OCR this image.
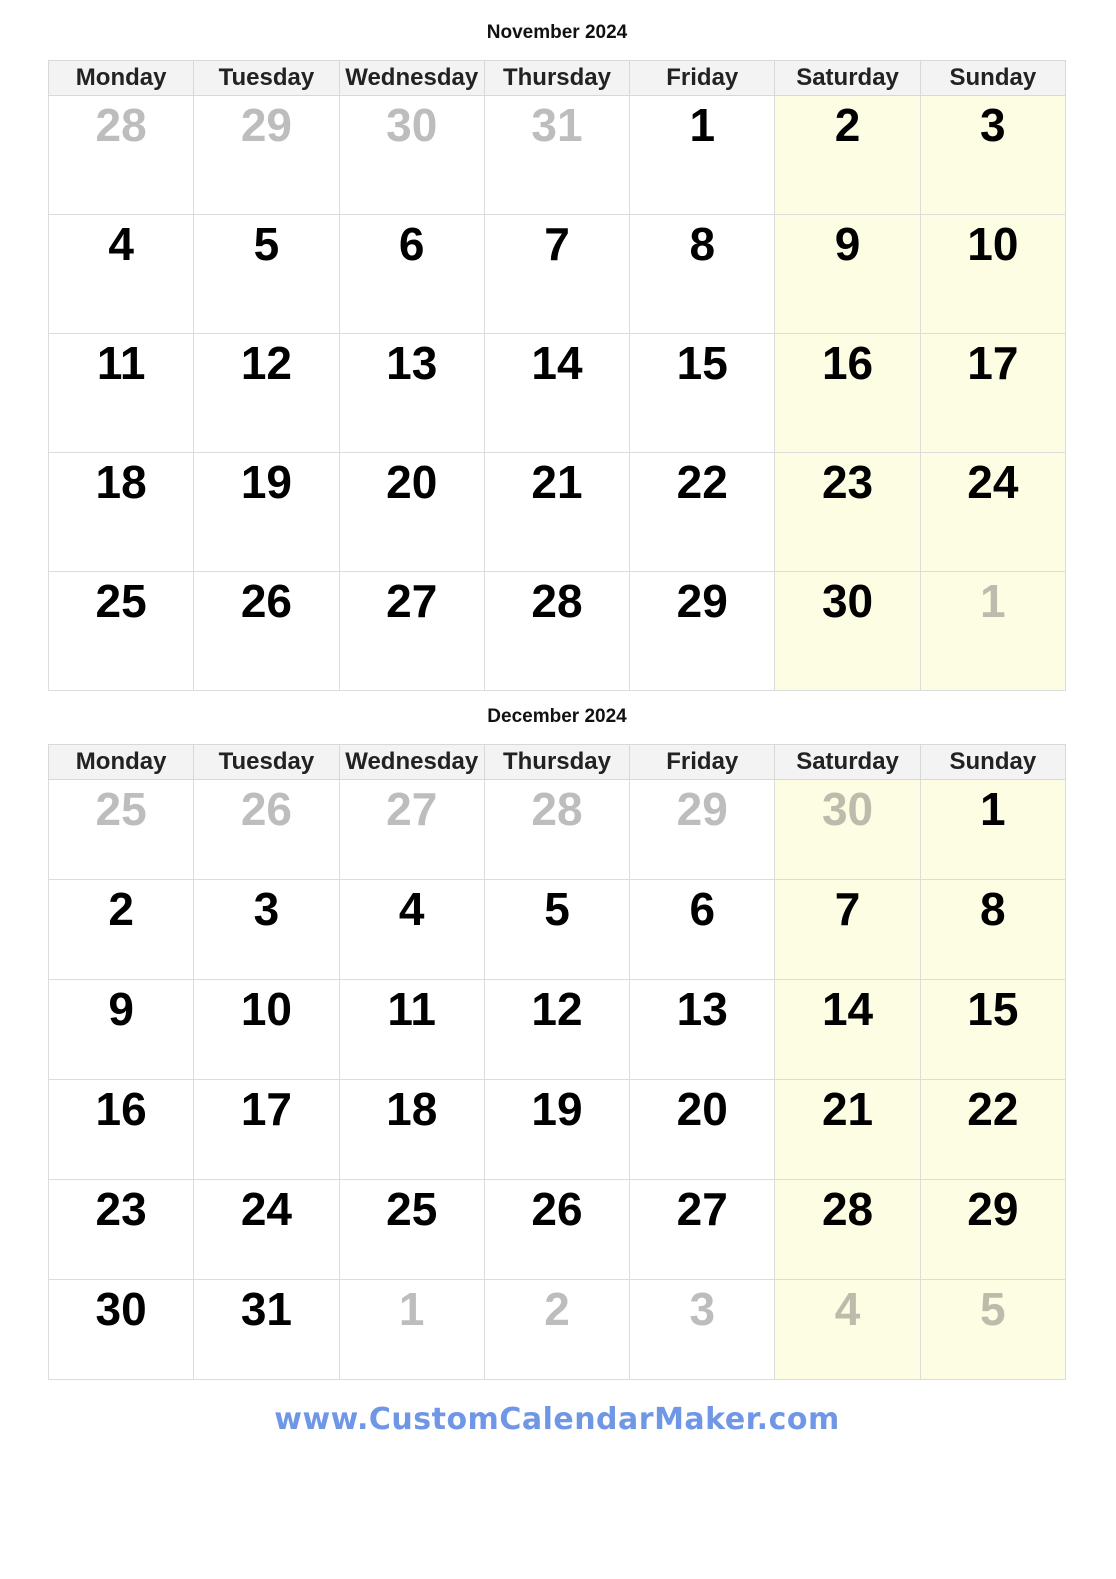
November 2024
Monday	Tuesday	Wednesday	Thursday	Friday	Saturday	Sunday
28	29	30	31	1	2	3
4	5	6	7	8	9	10
11	12	13	14	15	16	17
18	19	20	21	22	23	24
25	26	27	28	29	30	1
December 2024
Monday	Tuesday	Wednesday	Thursday	Friday	Saturday	Sunday
25	26	27	28	29	30	1
2	3	4	5	6	7	8
9	10	11	12	13	14	15
16	17	18	19	20	21	22
23	24	25	26	27	28	29
30	31	1	2	3	4	5
www.CustomCalendarMaker.com
